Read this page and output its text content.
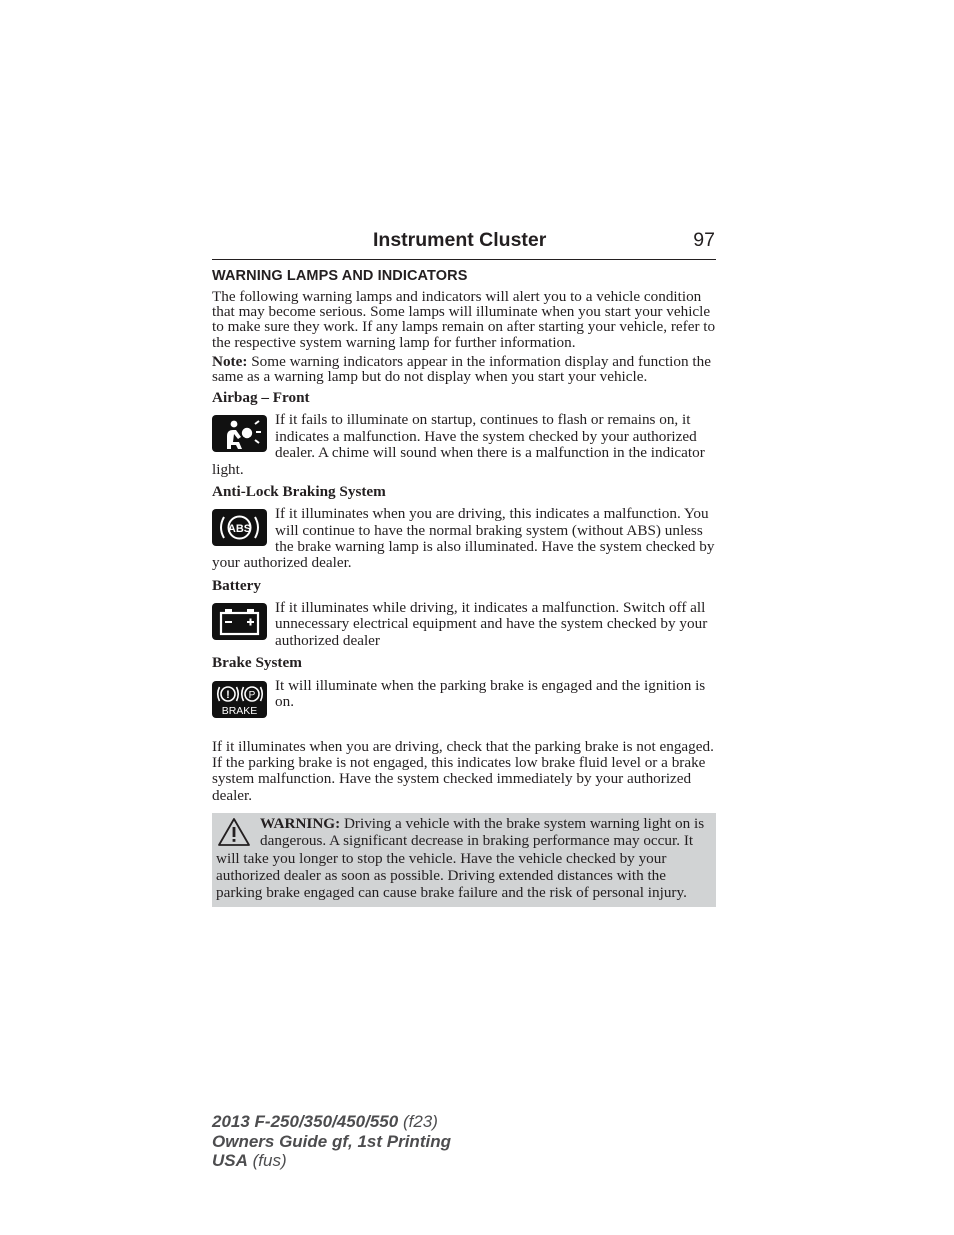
Instrument Cluster	97
WARNING LAMPS AND INDICATORS

The following warning lamps and indicators will alert you to a vehicle condition that may become serious. Some lamps will illuminate when you start your vehicle to make sure they work. If any lamps remain on after starting your vehicle, refer to the respective system warning lamp for further information.

Note: Some warning indicators appear in the information display and function the same as a warning lamp but do not display when you start your vehicle.

Airbag – Front
If it fails to illuminate on startup, continues to flash or remains on, it indicates a malfunction. Have the system checked by your authorized dealer. A chime will sound when there is a malfunction in the indicator light.
Anti-Lock Braking System
ABS
If it illuminates when you are driving, this indicates a malfunction. You will continue to have the normal braking system (without ABS) unless the brake warning lamp is also illuminated. Have the system checked by your authorized dealer.
Battery
If it illuminates while driving, it indicates a malfunction. Switch off all unnecessary electrical equipment and have the system checked by your authorized dealer
Brake System
! P
BRAKE
It will illuminate when the parking brake is engaged and the ignition is on.

If it illuminates when you are driving, check that the parking brake is not engaged. If the parking brake is not engaged, this indicates low brake fluid level or a brake system malfunction. Have the system checked immediately by your authorized dealer.

WARNING: Driving a vehicle with the brake system warning light on is dangerous. A significant decrease in braking performance may occur. It will take you longer to stop the vehicle. Have the vehicle checked by your authorized dealer as soon as possible. Driving extended distances with the parking brake engaged can cause brake failure and the risk of personal injury.
2013 F-250/350/450/550 (f23)
Owners Guide gf, 1st Printing
USA (fus)
